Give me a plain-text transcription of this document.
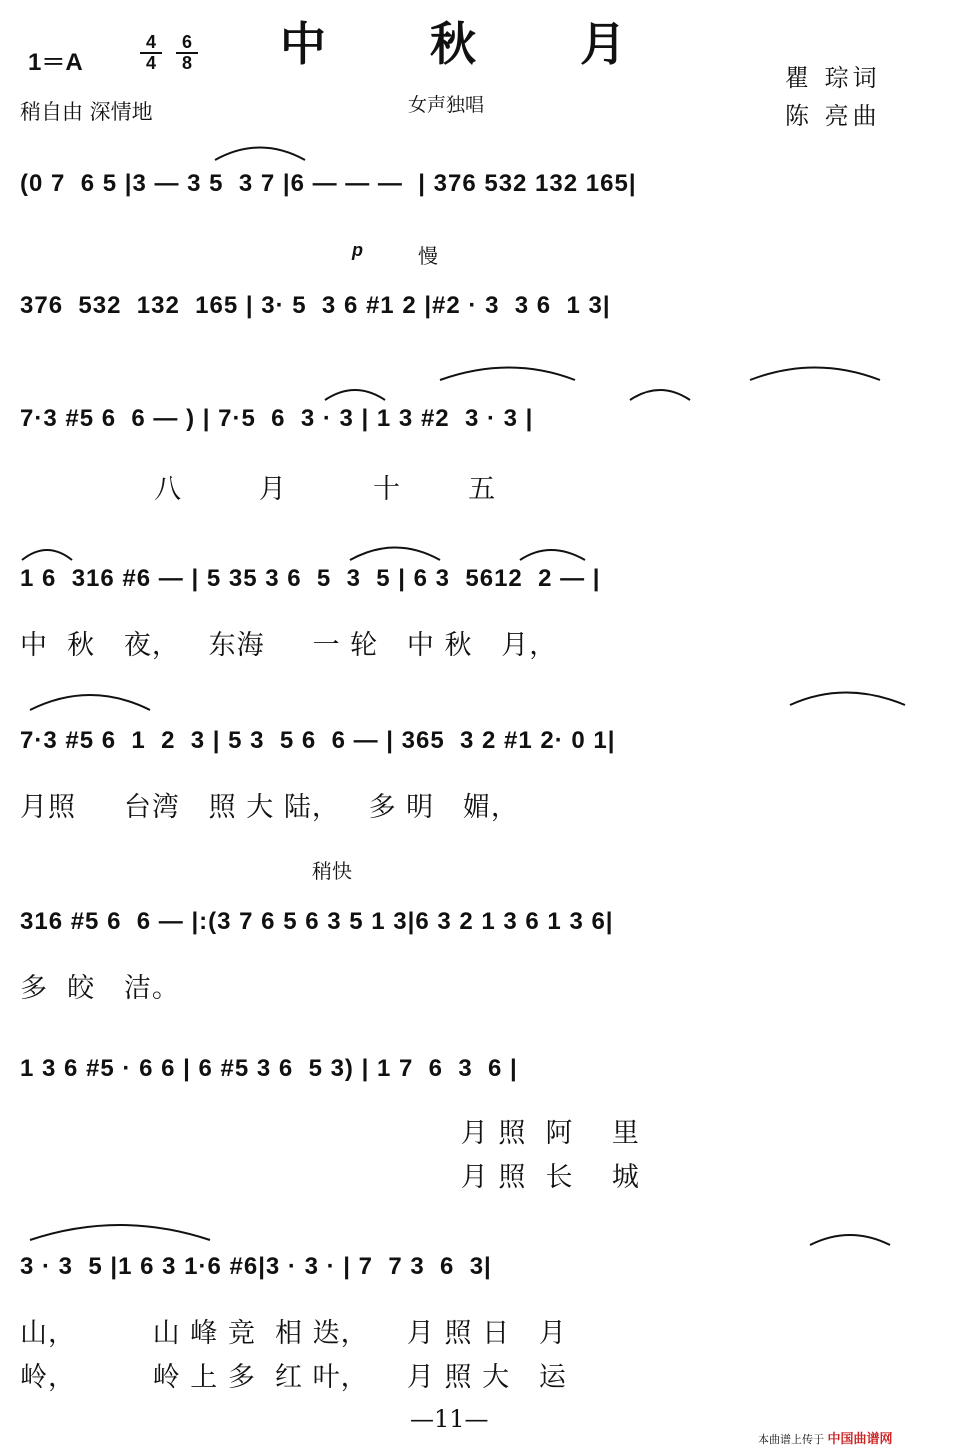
中 秋 月
1＝A
4
4
6
8
稍自由 深情地	女声独唱
瞿 琮词
陈 亮曲
(0 7  6 5 |3 — 3 5  3 7 |6 — — —  | 376 532 132 165|
p	慢
376  532  132  165 | 3· 5  3 6 #1 2 |#2 · 3  3 6  1 3|
7·3 #5 6  6 — ) | 7·5  6  3 · 3 | 1 3 #2  3 · 3 |
八        月         十       五
1 6  316 #6 — | 5 35 3 6  5  3  5 | 6 3  5612  2 — |
中  秋   夜，   东海     一 轮   中 秋   月，
7·3 #5 6  1  2  3 | 5 3  5 6  6 — | 365  3 2 #1 2· 0 1|
月照     台湾   照 大 陆，   多 明   媚，
稍快
316 #5 6  6 — |:(3 7 6 5 6 3 5 1 3|6 3 2 1 3 6 1 3 6|
多  皎   洁。
1 3 6 #5 · 6 6 | 6 #5 3 6  5 3) | 1 7  6  3  6 |
月 照  阿    里
月 照  长    城
3 · 3  5 |1 6 3 1·6 #6|3 · 3 · | 7  7 3  6  3|
山，        山 峰 竞  相 迭，    月 照 日   月
岭，        岭 上 多  红 叶，    月 照 大   运
—11—
本曲谱上传于 中国曲谱网
